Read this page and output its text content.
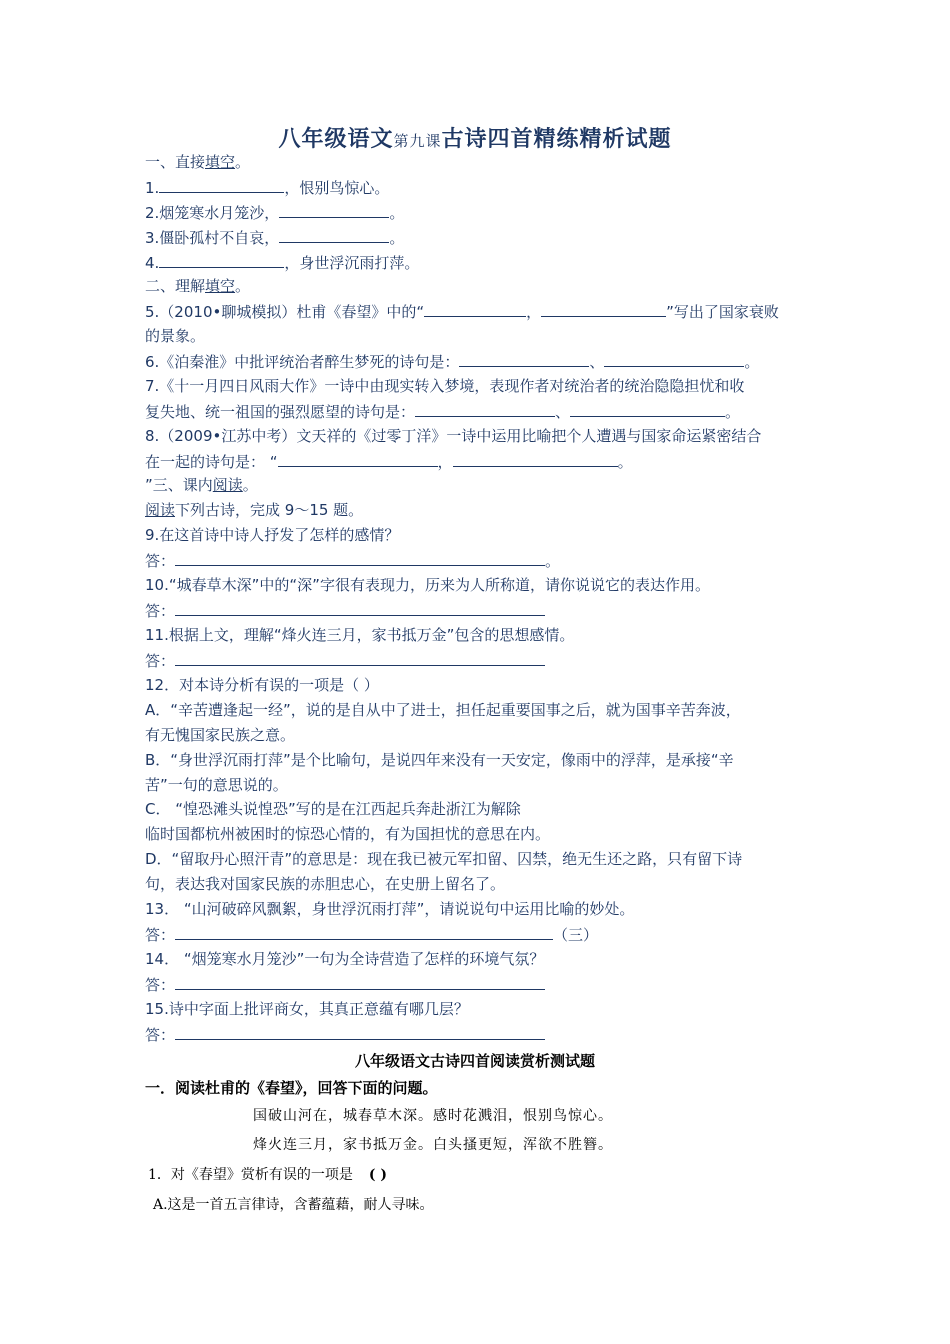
八年级语文第九课古诗四首精练精析试题
一、直接填空。
1.	，恨别鸟惊心。
2.烟笼寒水月笼沙，	。
3.僵卧孤村不自哀，	。
4.	，身世浮沉雨打萍。
二、理解填空。
5.（2010•聊城模拟）杜甫《春望》中的“	，	”写出了国家衰败
的景象。
6.《泊秦淮》中批评统治者醉生梦死的诗句是：	、	。
7.《十一月四日风雨大作》一诗中由现实转入梦境，表现作者对统治者的统治隐隐担忧和收
复失地、统一祖国的强烈愿望的诗句是：	、	。
8.（2009•江苏中考）文天祥的《过零丁洋》一诗中运用比喻把个人遭遇与国家命运紧密结合
在一起的诗句是： “	，	。
”三、课内阅读。
阅读下列古诗，完成 9～15 题。
9.在这首诗中诗人抒发了怎样的感情？
答：	。
10.“城春草木深”中的“深”字很有表现力，历来为人所称道，请你说说它的表达作用。
答：
11.根据上文，理解“烽火连三月，家书抵万金”包含的思想感情。
答：
12．对本诗分析有误的一项是（ ）
A．“辛苦遭逢起一经”，说的是自从中了进士，担任起重要国事之后，就为国事辛苦奔波，
有无愧国家民族之意。
B．“身世浮沉雨打萍”是个比喻句，是说四年来没有一天安定，像雨中的浮萍，是承接“辛
苦”一句的意思说的。
C． “惶恐滩头说惶恐”写的是在江西起兵奔赴浙江为解除
临时国都杭州被困时的惊恐心情的，有为国担忧的意思在内。
D．“留取丹心照汗青”的意思是：现在我已被元军扣留、囚禁，绝无生还之路，只有留下诗
句，表达我对国家民族的赤胆忠心，在史册上留名了。
13． “山河破碎风飘絮，身世浮沉雨打萍”，请说说句中运用比喻的妙处。
答：	（三）
14． “烟笼寒水月笼沙”一句为全诗营造了怎样的环境气氛？
答：
15.诗中字面上批评商女，其真正意蕴有哪几层？
答：
八年级语文古诗四首阅读赏析测试题
一．阅读杜甫的《春望》，回答下面的问题。
国破山河在，城春草木深。感时花溅泪，恨别鸟惊心。
烽火连三月，家书抵万金。白头搔更短，浑欲不胜簪。
1．对《春望》赏析有误的一项是 ( )
A.这是一首五言律诗，含蓄蕴藉，耐人寻味。
